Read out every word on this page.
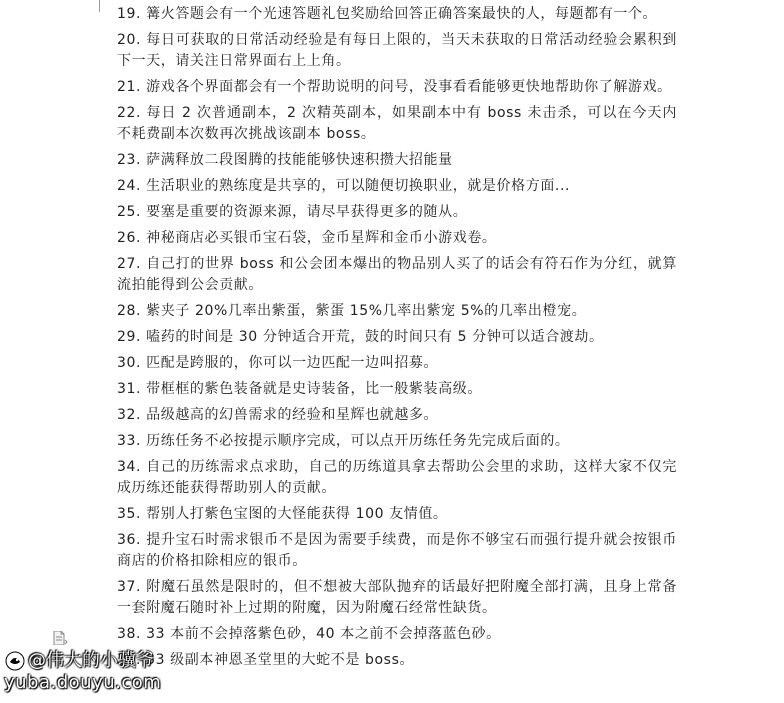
19. 篝火答题会有一个光速答题礼包奖励给回答正确答案最快的人，每题都有一个。

20. 每日可获取的日常活动经验是有每日上限的，当天未获取的日常活动经验会累积到下一天，请关注日常界面右上上角。

21. 游戏各个界面都会有一个帮助说明的问号，没事看看能够更快地帮助你了解游戏。

22. 每日 2 次普通副本，2 次精英副本，如果副本中有 boss 未击杀，可以在今天内不耗费副本次数再次挑战该副本 boss。

23. 萨满释放二段图腾的技能能够快速积攒大招能量

24. 生活职业的熟练度是共享的，可以随便切换职业，就是价格方面...

25. 要塞是重要的资源来源，请尽早获得更多的随从。

26. 神秘商店必买银币宝石袋，金币星辉和金币小游戏卷。

27. 自己打的世界 boss 和公会团本爆出的物品别人买了的话会有符石作为分红，就算流拍能得到公会贡献。

28. 紫夹子 20%几率出紫蛋，紫蛋 15%几率出紫宠 5%的几率出橙宠。

29. 嗑药的时间是 30 分钟适合开荒，鼓的时间只有 5 分钟可以适合渡劫。

30. 匹配是跨服的，你可以一边匹配一边叫招募。

31. 带框框的紫色装备就是史诗装备，比一般紫装高级。

32. 品级越高的幻兽需求的经验和星辉也就越多。

33. 历练任务不必按提示顺序完成，可以点开历练任务先完成后面的。

34. 自己的历练需求点求助，自己的历练道具拿去帮助公会里的求助，这样大家不仅完成历练还能获得帮助别人的贡献。

35. 帮别人打紫色宝图的大怪能获得 100 友情值。

36. 提升宝石时需求银币不是因为需要手续费，而是你不够宝石而强行提升就会按银币商店的价格扣除相应的银币。

37. 附魔石虽然是限时的，但不想被大部队抛弃的话最好把附魔全部打满，且身上常备一套附魔石随时补上过期的附魔，因为附魔石经常性缺货。

38. 33 本前不会掉落紫色砂，40 本之前不会掉落蓝色砂。

39. 33 级副本神恩圣堂里的大蛇不是 boss。

@伟大的小骥爷
yuba.douyu.com
